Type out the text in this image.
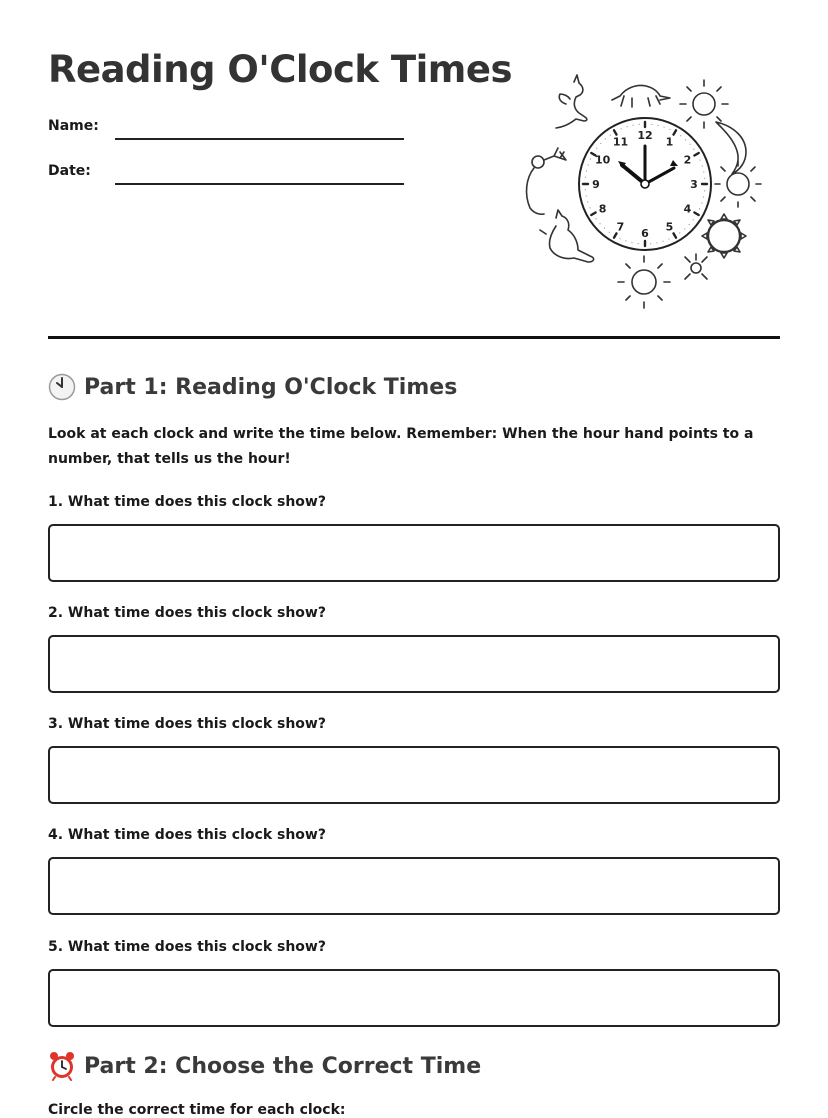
Reading O'Clock Times
Name:
Date:
12
1
2
3
4
5
6
7
8
9
10
11
Part 1: Reading O'Clock Times

Look at each clock and write the time below. Remember: When the hour hand points to a number, that tells us the hour!

1. What time does this clock show?
2. What time does this clock show?
3. What time does this clock show?
4. What time does this clock show?
5. What time does this clock show?
Part 2: Choose the Correct Time
Circle the correct time for each clock:
